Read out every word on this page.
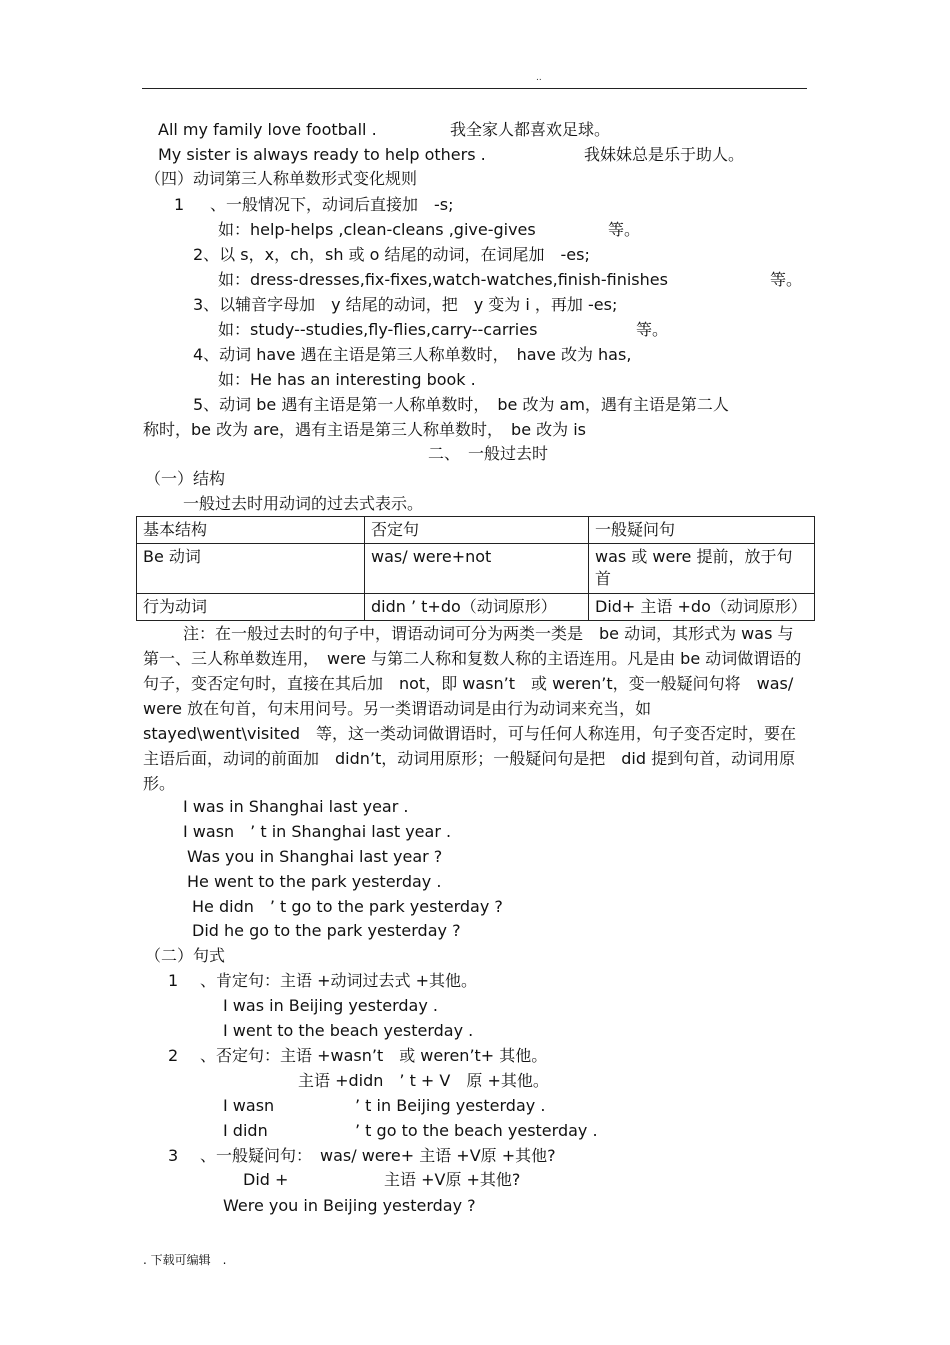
..
All my family love football .	我全家人都喜欢足球。
My sister is always ready to help others .	我妹妹总是乐于助人。
（四）动词第三人称单数形式变化规则
1 、一般情况下，动词后直接加　-s;
如：help-helps ,clean-cleans ,give-gives	等。
2、以 s，x，ch，sh 或 o 结尾的动词，在词尾加　-es;
如：dress-dresses,fix-fixes,watch-watches,finish-finishes	等。
3、以辅音字母加　y 结尾的动词，把　y 变为 i ，再加 -es;
如：study--studies,fly-flies,carry--carries	等。
4、动词 have 遇在主语是第三人称单数时，　have 改为 has,
如：He has an interesting book .
5、动词 be 遇有主语是第一人称单数时，　be 改为 am，遇有主语是第二人
称时，be 改为 are，遇有主语是第三人称单数时，　be 改为 is
二、　一般过去时
（一）结构
一般过去时用动词的过去式表示。
基本结构	否定句	一般疑问句
Be 动词	was/ were+not	was 或 were 提前，放于句首
行为动词	didn ’ t+do（动词原形）	Did+ 主语 +do（动词原形）
注：在一般过去时的句子中，谓语动词可分为两类一类是　be 动词，其形式为 was 与第一、三人称单数连用，　were 与第二人称和复数人称的主语连用。凡是由 be 动词做谓语的句子，变否定句时，直接在其后加　not，即 wasn’t　或 weren’t，变一般疑问句将　was/ were 放在句首，句末用问号。另一类谓语动词是由行为动词来充当，如　stayed\went\visited　等，这一类动词做谓语时，可与任何人称连用，句子变否定时，要在主语后面，动词的前面加　didn’t，动词用原形；一般疑问句是把　did 提到句首，动词用原形。
I was in Shanghai last year .
I wasn　’ t in Shanghai last year .
Was you in Shanghai last year ?
He went to the park yesterday .
He didn　’ t go to the park yesterday ?
Did he go to the park yesterday ?
（二）句式
1 、肯定句：主语 +动词过去式 +其他。
I was in Beijing yesterday .
I went to the beach yesterday .
2 、否定句：主语 +wasn’t　或 weren’t+ 其他。
主语 +didn　’ t + V　原 +其他。
I wasn	’ t in Beijing yesterday .
I didn	’ t go to the beach yesterday .
3 、一般疑问句：　was/ were+ 主语 +V原 +其他?
Did +	主语 +V原 +其他?
Were you in Beijing yesterday ?
. 下载可编辑　.
